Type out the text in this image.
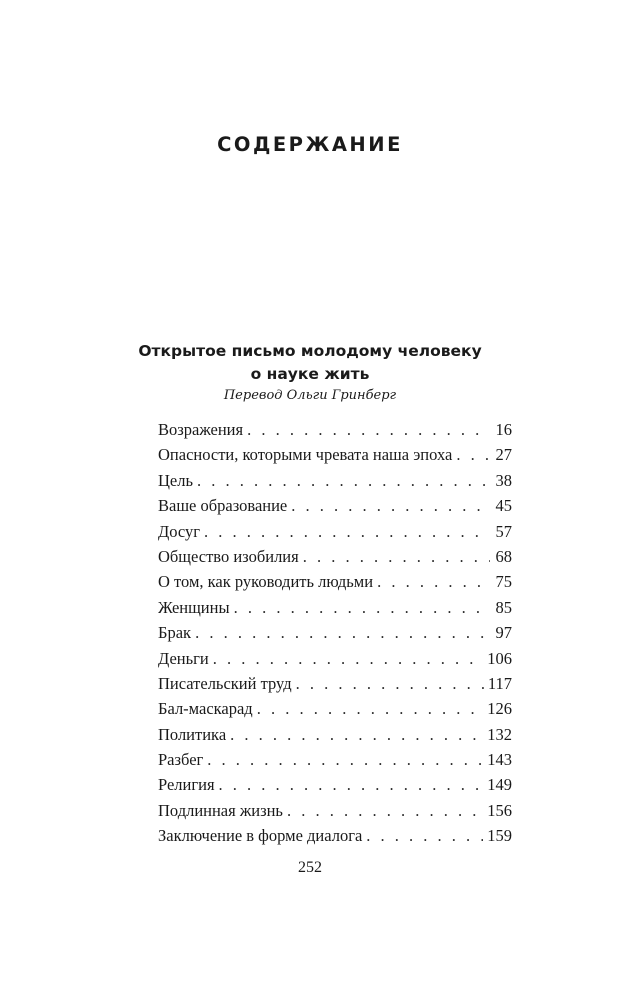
СОДЕРЖАНИЕ
Открытое письмо молодому человеку
о науке жить
Перевод Ольги Гринберг
Возражения . . .	16
Опасности, которыми чревата наша эпоха . . .	27
Цель . . .	38
Ваше образование . . .	45
Досуг . . .	57
Общество изобилия . . .	68
О том, как руководить людьми . . .	75
Женщины . . .	85
Брак . . .	97
Деньги . . .	106
Писательский труд . . .	117
Бал-маскарад . . .	126
Политика . . .	132
Разбег . . .	143
Религия . . .	149
Подлинная жизнь . . .	156
Заключение в форме диалога . . .	159
252
